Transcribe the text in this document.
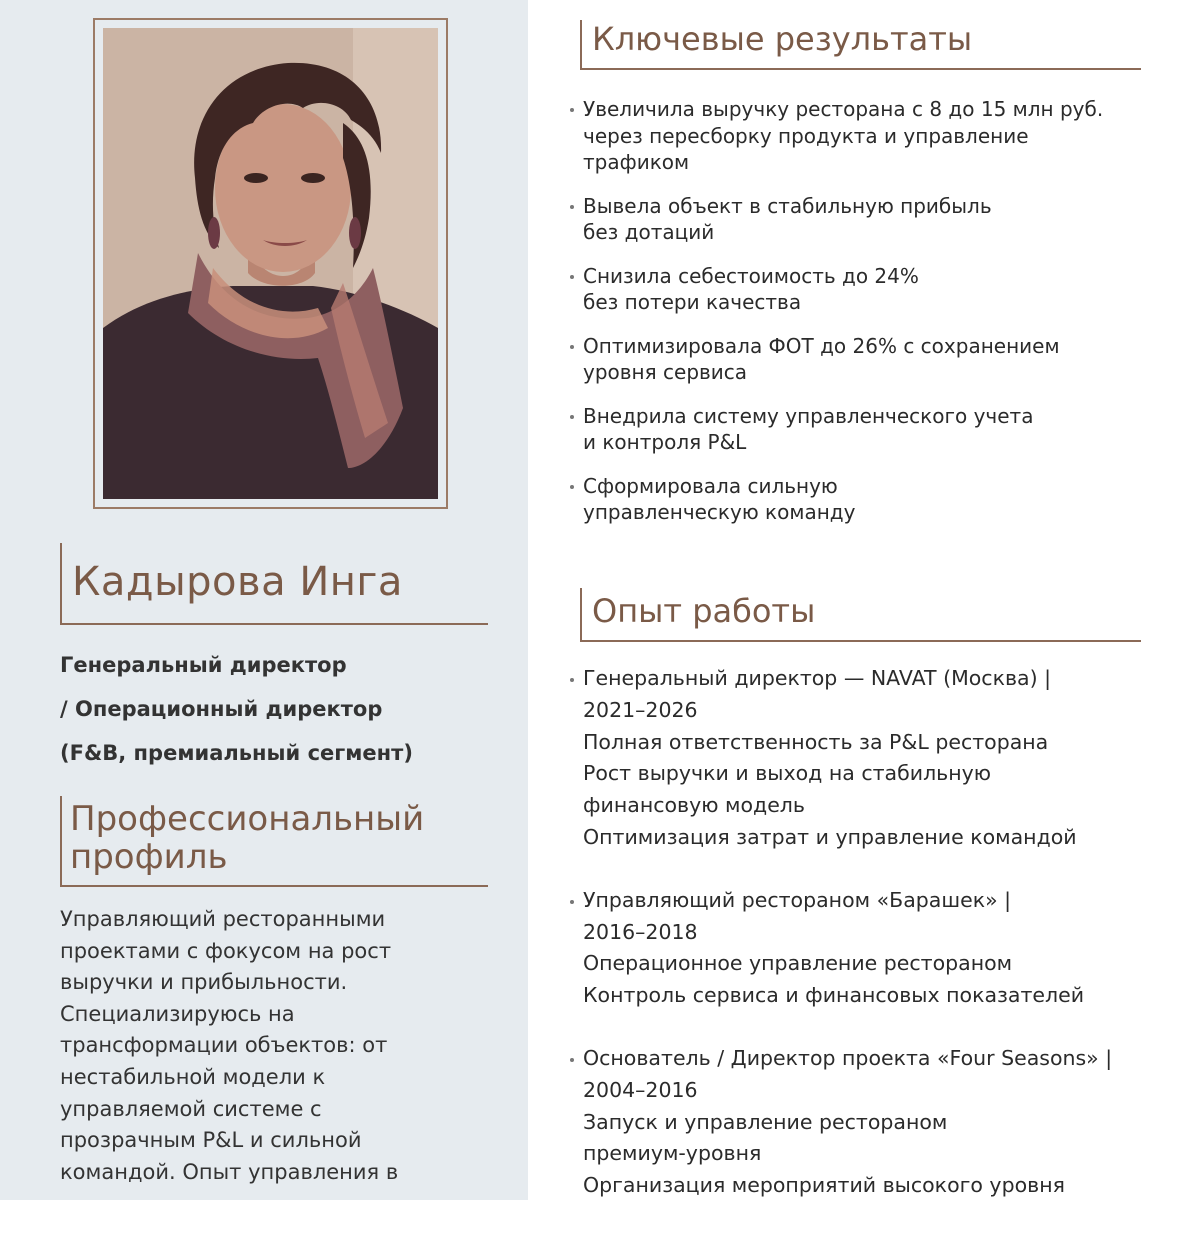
Кадырова Инга
Генеральный директор
/ Операционный директор
(F&B, премиальный сегмент)
Профессиональный
профиль
Управляющий ресторанными
проектами с фокусом на рост
выручки и прибыльности.
Специализируюсь на
трансформации объектов: от
нестабильной модели к
управляемой системе с
прозрачным P&L и сильной
командой. Опыт управления в
Ключевые результаты
Увеличила выручку ресторана с 8 до 15 млн руб.
через пересборку продукта и управление
трафиком
Вывела объект в стабильную прибыль
без дотаций
Снизила себестоимость до 24%
без потери качества
Оптимизировала ФОТ до 26% с сохранением
уровня сервиса
Внедрила систему управленческого учета
и контроля P&L
Сформировала сильную
управленческую команду
Опыт работы
Генеральный директор — NAVAT (Москва) |
2021–2026
Полная ответственность за P&L ресторана
Рост выручки и выход на стабильную
финансовую модель
Оптимизация затрат и управление командой
Управляющий рестораном «Барашек» |
2016–2018
Операционное управление рестораном
Контроль сервиса и финансовых показателей
Основатель / Директор проекта «Four Seasons» |
2004–2016
Запуск и управление рестораном
премиум-уровня
Организация мероприятий высокого уровня
